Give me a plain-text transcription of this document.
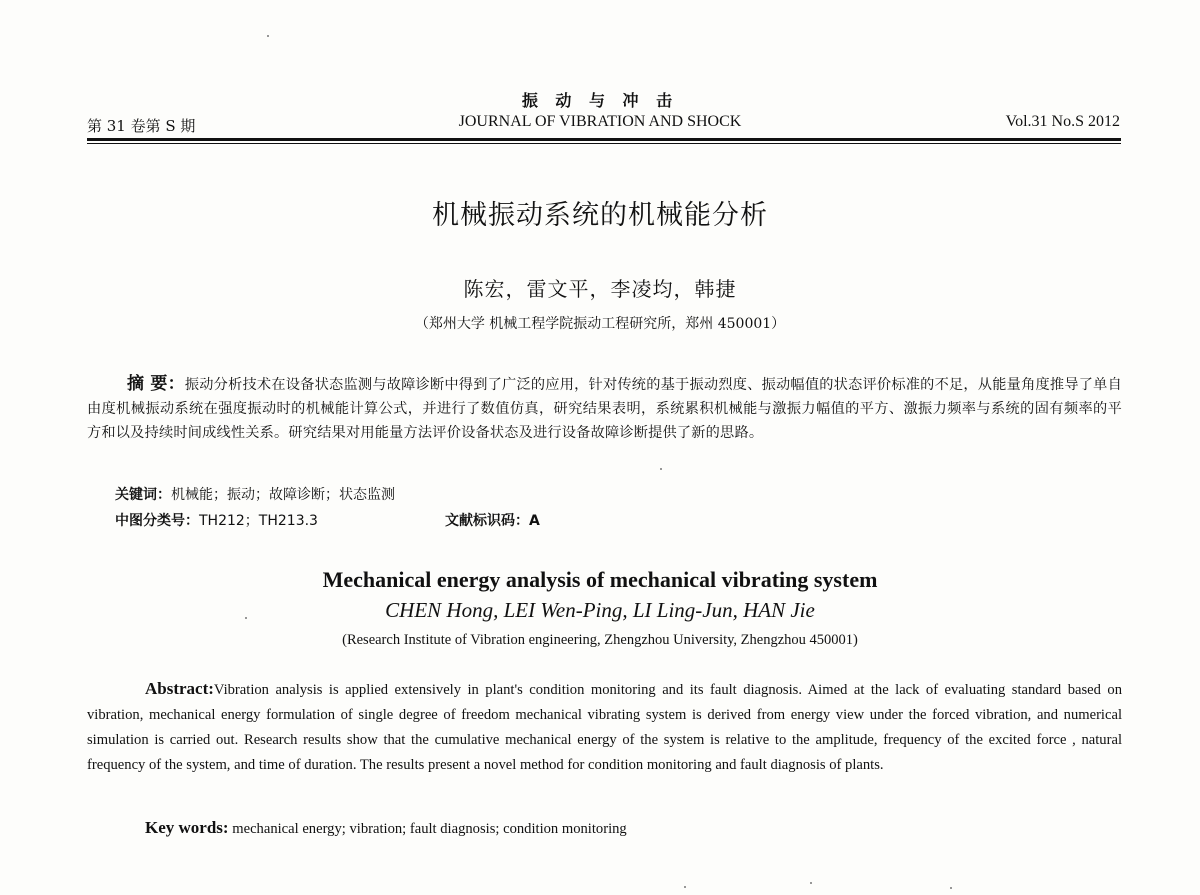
振 动 与 冲 击
第 31 卷第 S 期	JOURNAL OF VIBRATION AND SHOCK	Vol.31 No.S 2012
机械振动系统的机械能分析
陈宏，雷文平，李凌均，韩捷
（郑州大学 机械工程学院振动工程研究所，郑州 450001）
摘 要：振动分析技术在设备状态监测与故障诊断中得到了广泛的应用，针对传统的基于振动烈度、振动幅值的状态评价标准的不足，从能量角度推导了单自由度机械振动系统在强度振动时的机械能计算公式，并进行了数值仿真，研究结果表明，系统累积机械能与激振力幅值的平方、激振力频率与系统的固有频率的平方和以及持续时间成线性关系。研究结果对用能量方法评价设备状态及进行设备故障诊断提供了新的思路。
关键词：机械能；振动；故障诊断；状态监测
中图分类号：TH212；TH213.3	文献标识码：A
Mechanical energy analysis of mechanical vibrating system
CHEN Hong, LEI Wen-Ping, LI Ling-Jun, HAN Jie
(Research Institute of Vibration engineering, Zhengzhou University, Zhengzhou 450001)
Abstract:Vibration analysis is applied extensively in plant's condition monitoring and its fault diagnosis. Aimed at the lack of evaluating standard based on vibration, mechanical energy formulation of single degree of freedom mechanical vibrating system is derived from energy view under the forced vibration, and numerical simulation is carried out. Research results show that the cumulative mechanical energy of the system is relative to the amplitude, frequency of the excited force , natural frequency of the system, and time of duration. The results present a novel method for condition monitoring and fault diagnosis of plants.
Key words: mechanical energy; vibration; fault diagnosis; condition monitoring
